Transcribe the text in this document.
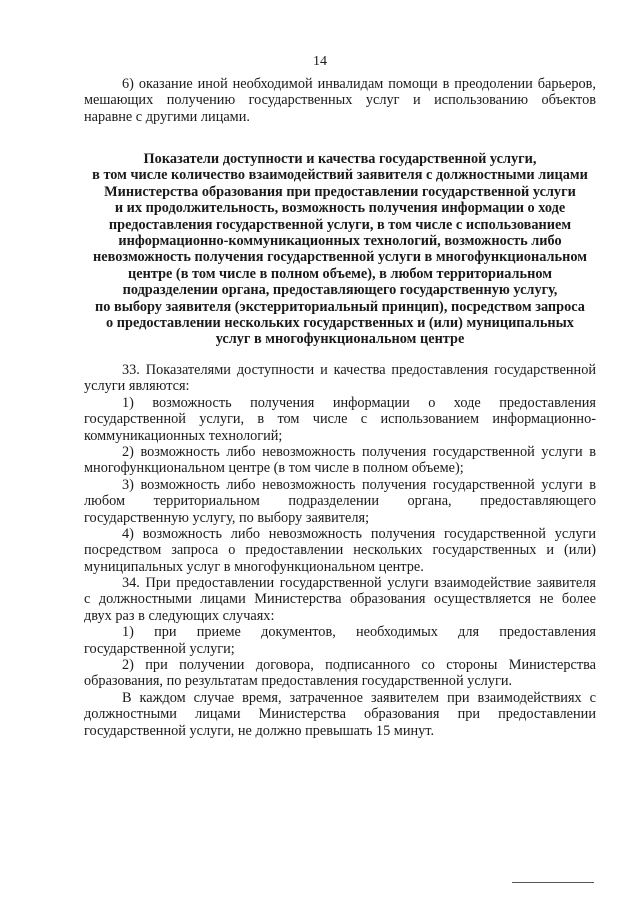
14
6) оказание иной необходимой инвалидам помощи в преодолении барьеров,
мешающих получению государственных услуг и использованию объектов
наравне с другими лицами.
Показатели доступности и качества государственной услуги,
в том числе количество взаимодействий заявителя с должностными лицами
Министерства образования при предоставлении государственной услуги
и их продолжительность, возможность получения информации о ходе
предоставления государственной услуги, в том числе с использованием
информационно-коммуникационных технологий, возможность либо
невозможность получения государственной услуги в многофункциональном
центре (в том числе в полном объеме), в любом территориальном
подразделении органа, предоставляющего государственную услугу,
по выбору заявителя (экстерриториальный принцип), посредством запроса
о предоставлении нескольких государственных и (или) муниципальных
услуг в многофункциональном центре
33. Показателями доступности и качества предоставления государственной
услуги являются:
1) возможность получения информации о ходе предоставления
государственной услуги, в том числе с использованием информационно-
коммуникационных технологий;
2) возможность либо невозможность получения государственной услуги в
многофункциональном центре (в том числе в полном объеме);
3) возможность либо невозможность получения государственной услуги в
любом территориальном подразделении органа, предоставляющего
государственную услугу, по выбору заявителя;
4) возможность либо невозможность получения государственной услуги
посредством запроса о предоставлении нескольких государственных и (или)
муниципальных услуг в многофункциональном центре.
34. При предоставлении государственной услуги взаимодействие заявителя
с должностными лицами Министерства образования осуществляется не более
двух раз в следующих случаях:
1) при приеме документов, необходимых для предоставления
государственной услуги;
2) при получении договора, подписанного со стороны Министерства
образования, по результатам предоставления государственной услуги.
В каждом случае время, затраченное заявителем при взаимодействиях с
должностными лицами Министерства образования при предоставлении
государственной услуги, не должно превышать 15 минут.
